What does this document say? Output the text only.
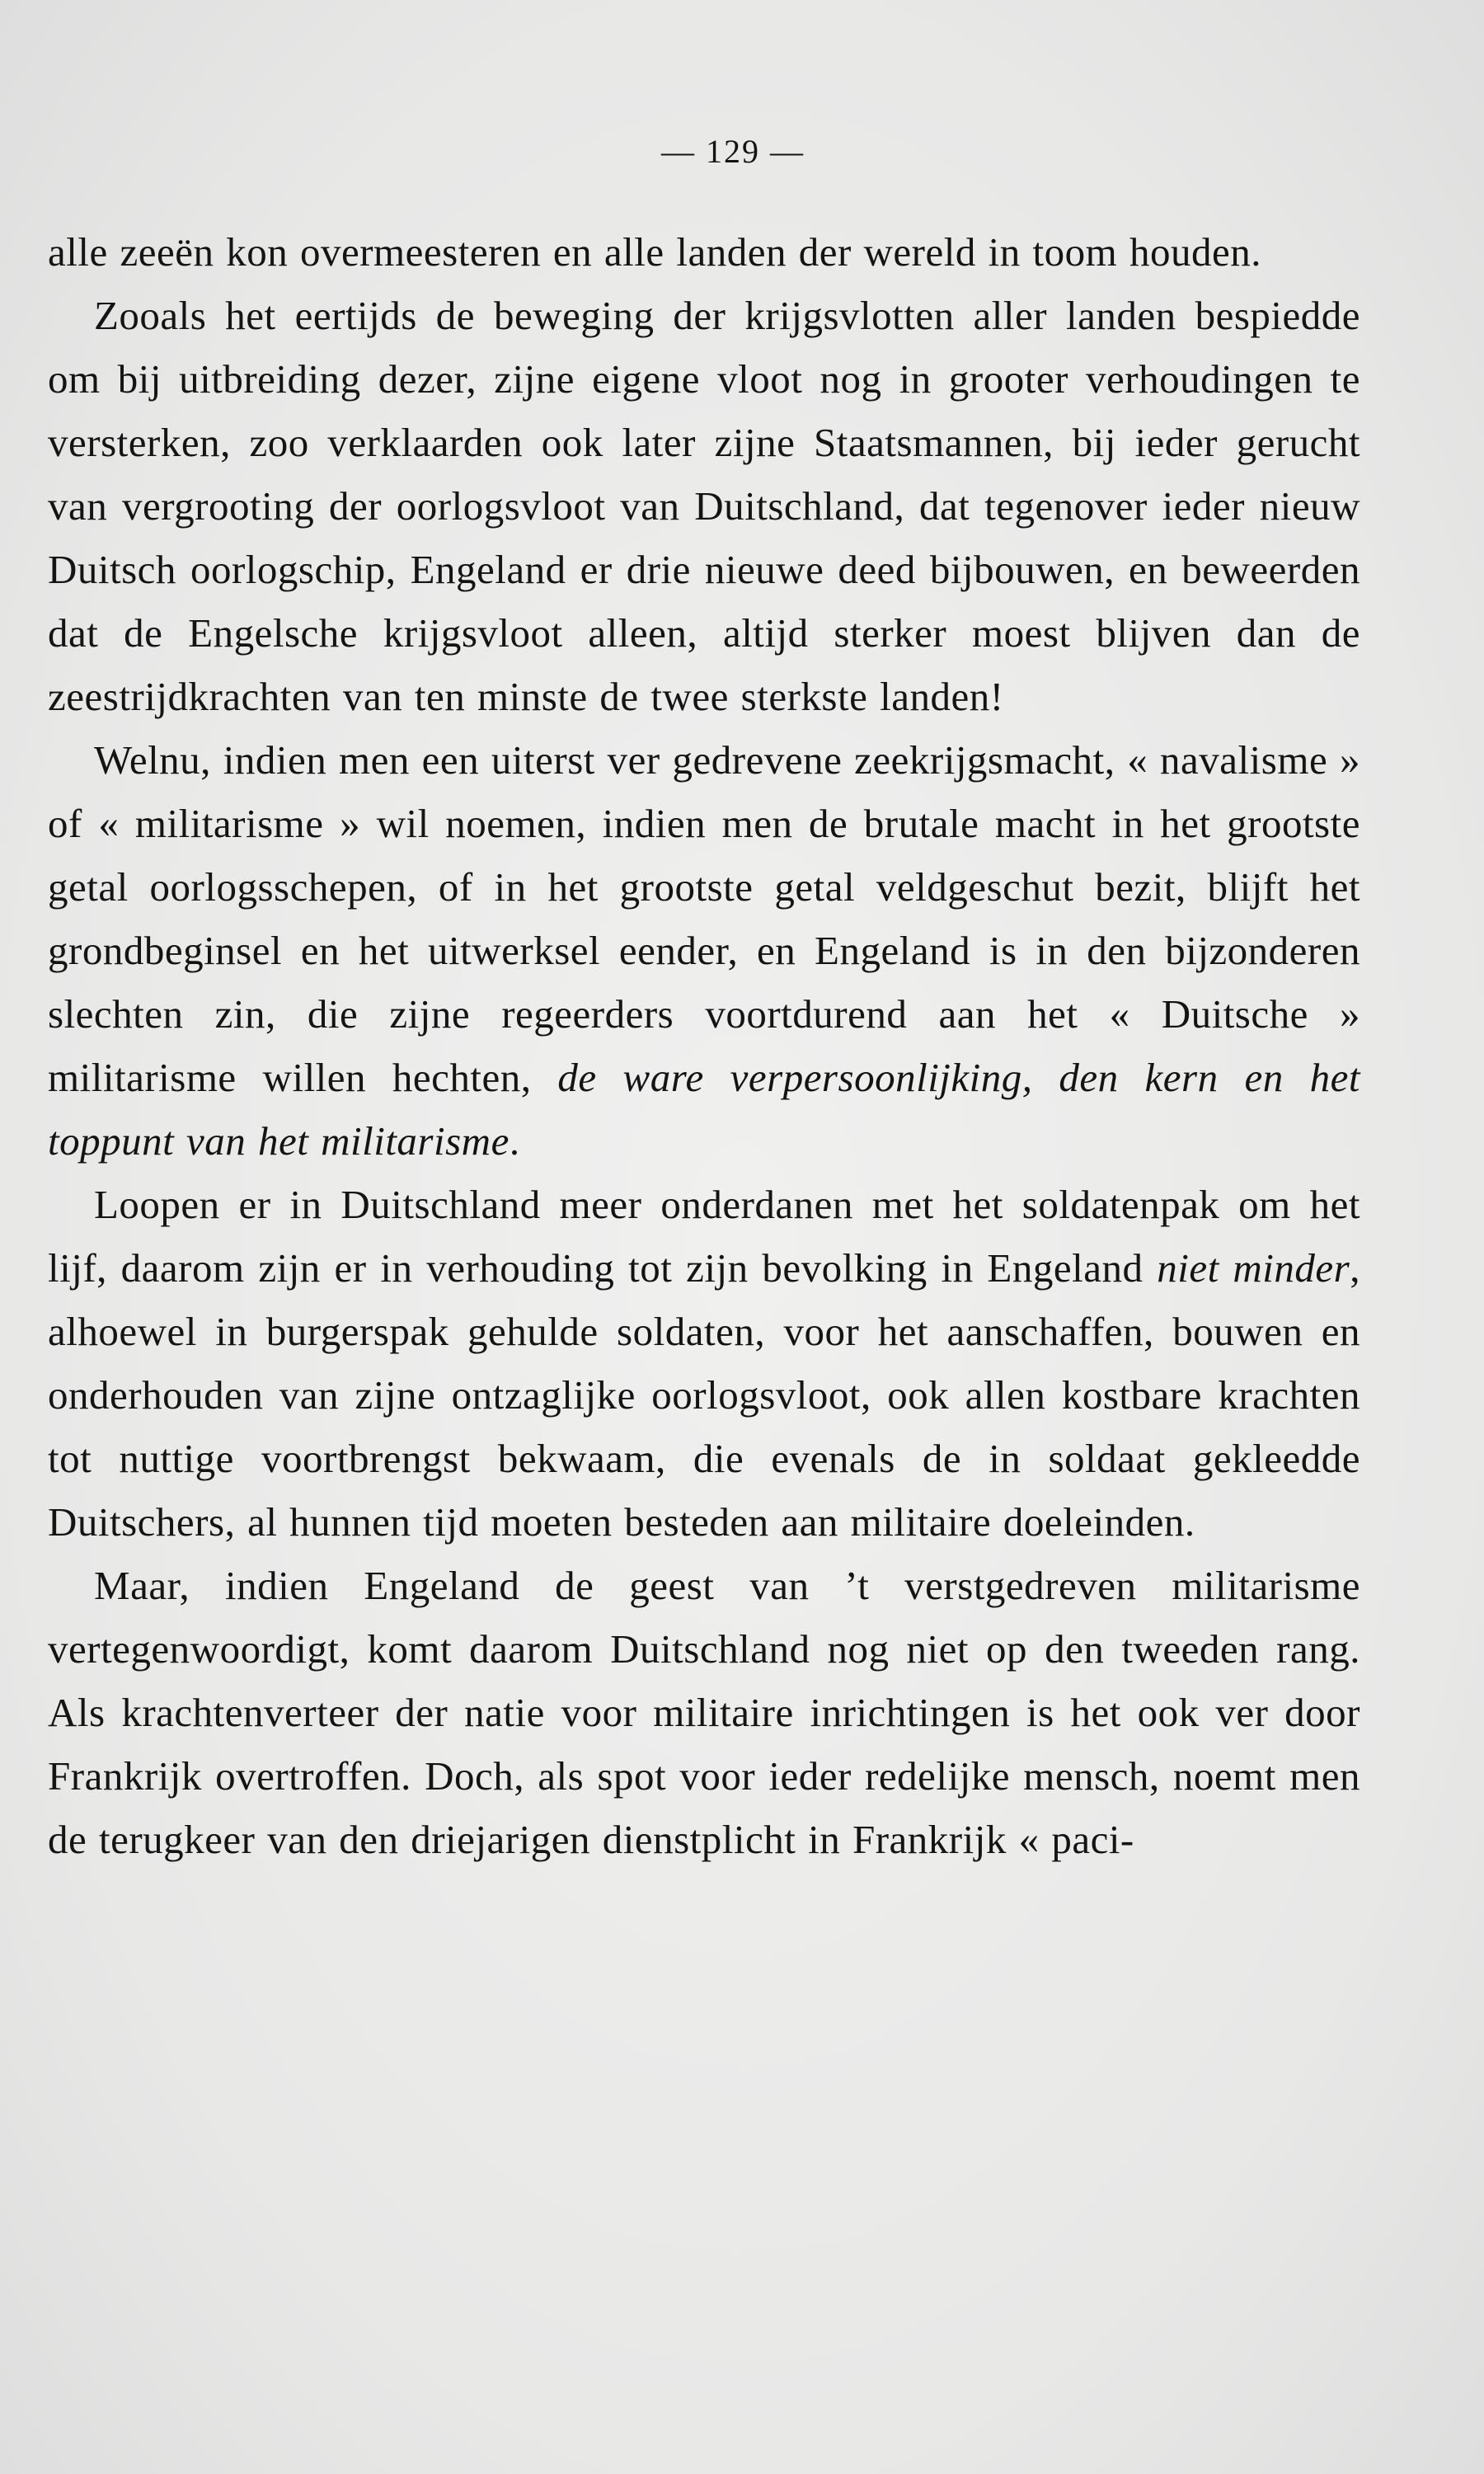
— 129 —

alle zeeën kon overmeesteren en alle landen der wereld in toom houden.

Zooals het eertijds de beweging der krijgsvlotten aller landen bespiedde om bij uitbreiding dezer, zijne eigene vloot nog in grooter verhoudingen te versterken, zoo verklaarden ook later zijne Staatsmannen, bij ieder gerucht van vergrooting der oorlogsvloot van Duitschland, dat tegenover ieder nieuw Duitsch oorlogschip, Engeland er drie nieuwe deed bijbouwen, en beweerden dat de Engelsche krijgsvloot alleen, altijd sterker moest blijven dan de zeestrijdkrachten van ten minste de twee sterkste landen!

Welnu, indien men een uiterst ver gedrevene zeekrijgsmacht, « navalisme » of « militarisme » wil noemen, indien men de brutale macht in het grootste getal oorlogsschepen, of in het grootste getal veldgeschut bezit, blijft het grondbeginsel en het uitwerksel eender, en Engeland is in den bijzonderen slechten zin, die zijne regeerders voortdurend aan het « Duitsche » militarisme willen hechten, de ware verpersoonlijking, den kern en het toppunt van het militarisme.

Loopen er in Duitschland meer onderdanen met het soldatenpak om het lijf, daarom zijn er in verhouding tot zijn bevolking in Engeland niet minder, alhoewel in burgerspak gehulde soldaten, voor het aanschaffen, bouwen en onderhouden van zijne ontzaglijke oorlogsvloot, ook allen kostbare krachten tot nuttige voortbrengst bekwaam, die evenals de in soldaat gekleedde Duitschers, al hunnen tijd moeten besteden aan militaire doeleinden.

Maar, indien Engeland de geest van ’t verstgedreven militarisme vertegenwoordigt, komt daarom Duitschland nog niet op den tweeden rang. Als krachtenverteer der natie voor militaire inrichtingen is het ook ver door Frankrijk overtroffen. Doch, als spot voor ieder redelijke mensch, noemt men de terugkeer van den driejarigen dienstplicht in Frankrijk « paci-
